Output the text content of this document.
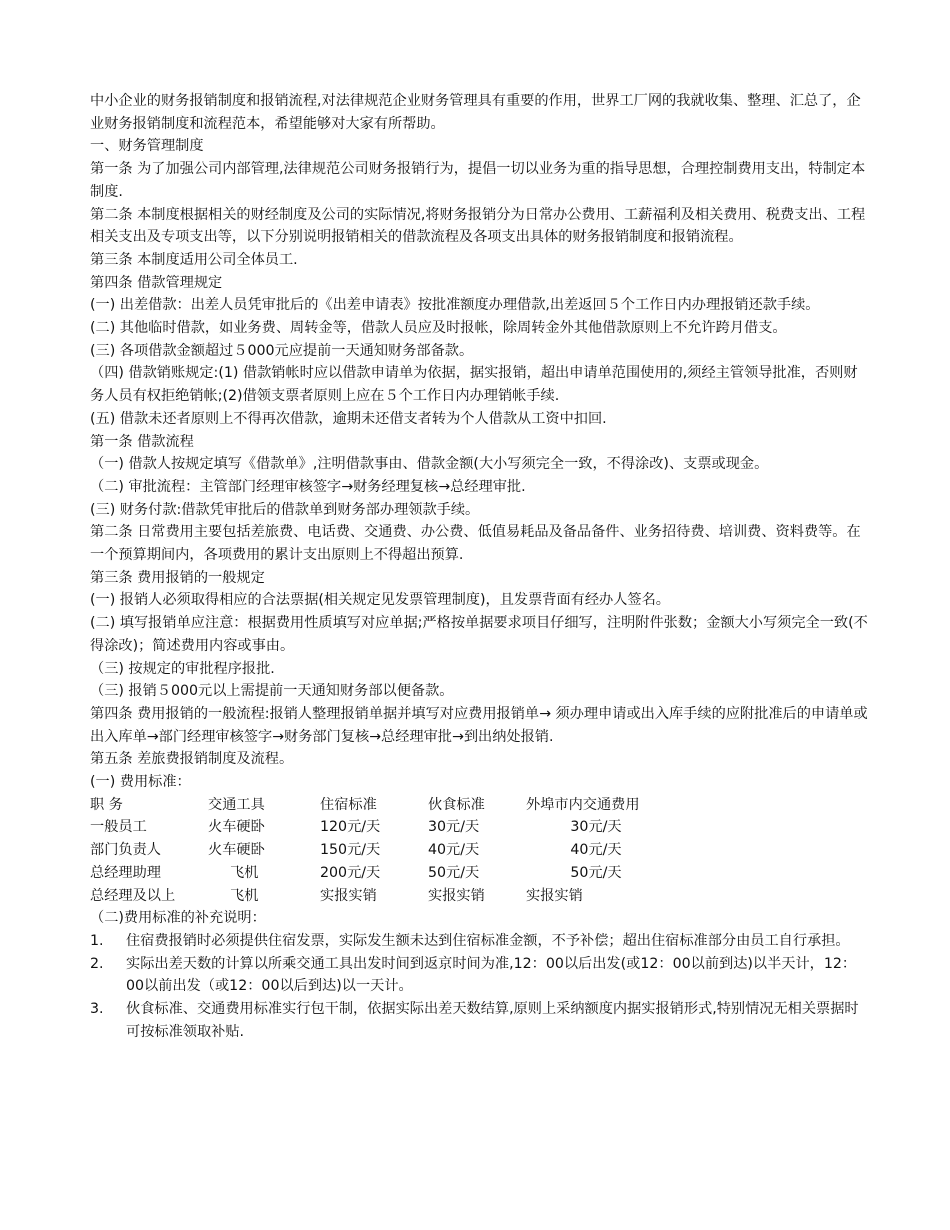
中小企业的财务报销制度和报销流程,对法律规范企业财务管理具有重要的作用，世界工厂网的我就收集、整理、汇总了，企业财务报销制度和流程范本，希望能够对大家有所帮助。

一、财务管理制度

第一条 为了加强公司内部管理,法律规范公司财务报销行为，提倡一切以业务为重的指导思想，合理控制费用支出，特制定本制度.

第二条 本制度根据相关的财经制度及公司的实际情况,将财务报销分为日常办公费用、工薪福利及相关费用、税费支出、工程相关支出及专项支出等，以下分别说明报销相关的借款流程及各项支出具体的财务报销制度和报销流程。

第三条 本制度适用公司全体员工.

第四条 借款管理规定

(一) 出差借款：出差人员凭审批后的《出差申请表》按批准额度办理借款,出差返回５个工作日内办理报销还款手续。

(二) 其他临时借款，如业务费、周转金等，借款人员应及时报帐，除周转金外其他借款原则上不允许跨月借支。

(三) 各项借款金额超过５000元应提前一天通知财务部备款。

（四) 借款销账规定:(1) 借款销帐时应以借款申请单为依据，据实报销，超出申请单范围使用的,须经主管领导批准，否则财务人员有权拒绝销帐;(2)借领支票者原则上应在５个工作日内办理销帐手续.

(五) 借款未还者原则上不得再次借款，逾期未还借支者转为个人借款从工资中扣回.

第一条 借款流程

（一) 借款人按规定填写《借款单》,注明借款事由、借款金额(大小写须完全一致，不得涂改)、支票或现金。

（二) 审批流程：主管部门经理审核签字→财务经理复核→总经理审批.

(三) 财务付款:借款凭审批后的借款单到财务部办理领款手续。

第二条 日常费用主要包括差旅费、电话费、交通费、办公费、低值易耗品及备品备件、业务招待费、培训费、资料费等。在一个预算期间内，各项费用的累计支出原则上不得超出预算.

第三条 费用报销的一般规定

(一) 报销人必须取得相应的合法票据(相关规定见发票管理制度)，且发票背面有经办人签名。

(二) 填写报销单应注意：根据费用性质填写对应单据;严格按单据要求项目仔细写，注明附件张数；金额大小写须完全一致(不得涂改)；简述费用内容或事由。

（三) 按规定的审批程序报批.

（三) 报销５000元以上需提前一天通知财务部以便备款。

第四条 费用报销的一般流程:报销人整理报销单据并填写对应费用报销单→ 须办理申请或出入库手续的应附批准后的申请单或出入库单→部门经理审核签字→财务部门复核→总经理审批→到出纳处报销.

第五条 差旅费报销制度及流程。

(一) 费用标准：

职 务	交通工具	住宿标准	伙食标准	外埠市内交通费用
一般员工	火车硬卧	120元/天	30元/天	30元/天
部门负责人	火车硬卧	150元/天	40元/天	40元/天
总经理助理	飞机	200元/天	50元/天	50元/天
总经理及以上	飞机	实报实销	实报实销	实报实销

（二)费用标准的补充说明：

1.	住宿费报销时必须提供住宿发票，实际发生额未达到住宿标准金额，不予补偿；超出住宿标准部分由员工自行承担。
2.	实际出差天数的计算以所乘交通工具出发时间到返京时间为准,12：00以后出发(或12：00以前到达)以半天计，12：00以前出发（或12：00以后到达)以一天计。
3.	伙食标准、交通费用标准实行包干制，依据实际出差天数结算,原则上采纳额度内据实报销形式,特别情况无相关票据时可按标准领取补贴.
